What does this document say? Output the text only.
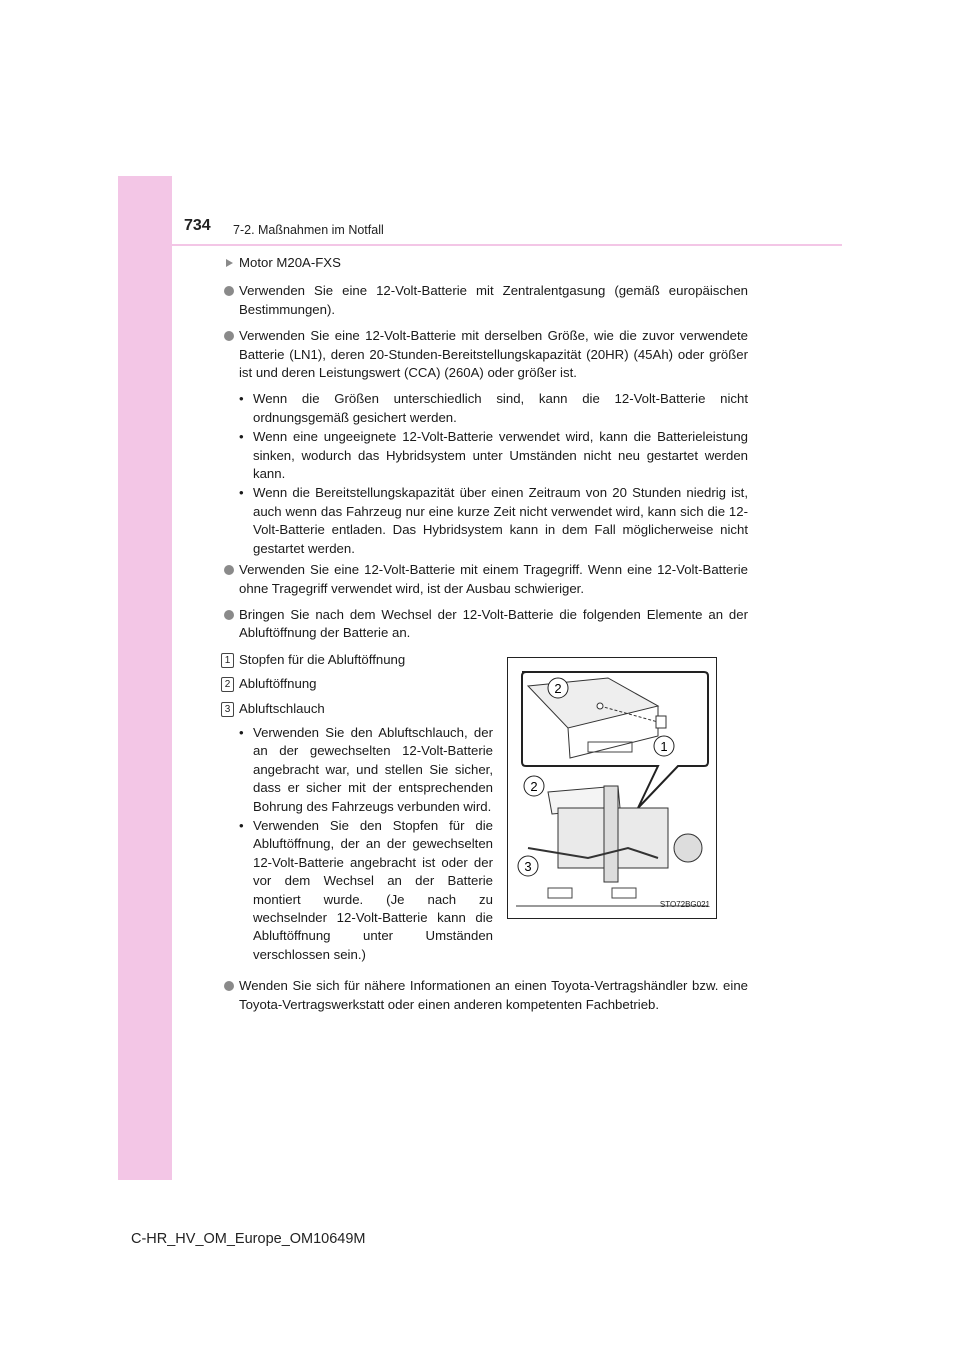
734 7-2. Maßnahmen im Notfall
Motor M20A-FXS
Verwenden Sie eine 12-Volt-Batterie mit Zentralentgasung (gemäß europäischen Bestimmungen).
Verwenden Sie eine 12-Volt-Batterie mit derselben Größe, wie die zuvor verwendete Batterie (LN1), deren 20-Stunden-Bereitstellungskapazität (20HR) (45Ah) oder größer ist und deren Leistungswert (CCA) (260A) oder größer ist.
• Wenn die Größen unterschiedlich sind, kann die 12-Volt-Batterie nicht ordnungsgemäß gesichert werden.
• Wenn eine ungeeignete 12-Volt-Batterie verwendet wird, kann die Batterieleistung sinken, wodurch das Hybridsystem unter Umständen nicht neu gestartet werden kann.
• Wenn die Bereitstellungskapazität über einen Zeitraum von 20 Stunden niedrig ist, auch wenn das Fahrzeug nur eine kurze Zeit nicht verwendet wird, kann sich die 12-Volt-Batterie entladen. Das Hybridsystem kann in dem Fall möglicherweise nicht gestartet werden.
Verwenden Sie eine 12-Volt-Batterie mit einem Tragegriff. Wenn eine 12-Volt-Batterie ohne Tragegriff verwendet wird, ist der Ausbau schwieriger.
Bringen Sie nach dem Wechsel der 12-Volt-Batterie die folgenden Elemente an der Abluftöffnung der Batterie an.
1 Stopfen für die Abluftöffnung
2 Abluftöffnung
3 Abluftschlauch
• Verwenden Sie den Abluftschlauch, der an der gewechselten 12-Volt-Batterie angebracht war, und stellen Sie sicher, dass er sicher mit der entsprechenden Bohrung des Fahrzeugs verbunden wird.
• Verwenden Sie den Stopfen für die Abluftöffnung, der an der gewechselten 12-Volt-Batterie angebracht ist oder der vor dem Wechsel an der Batterie montiert wurde. (Je nach zu wechselnder 12-Volt-Batterie kann die Abluftöffnung unter Umständen verschlossen sein.)
2
1
2
3
STO72BG021
Wenden Sie sich für nähere Informationen an einen Toyota-Vertragshändler bzw. eine Toyota-Vertragswerkstatt oder einen anderen kompetenten Fachbetrieb.
C-HR_HV_OM_Europe_OM10649M
